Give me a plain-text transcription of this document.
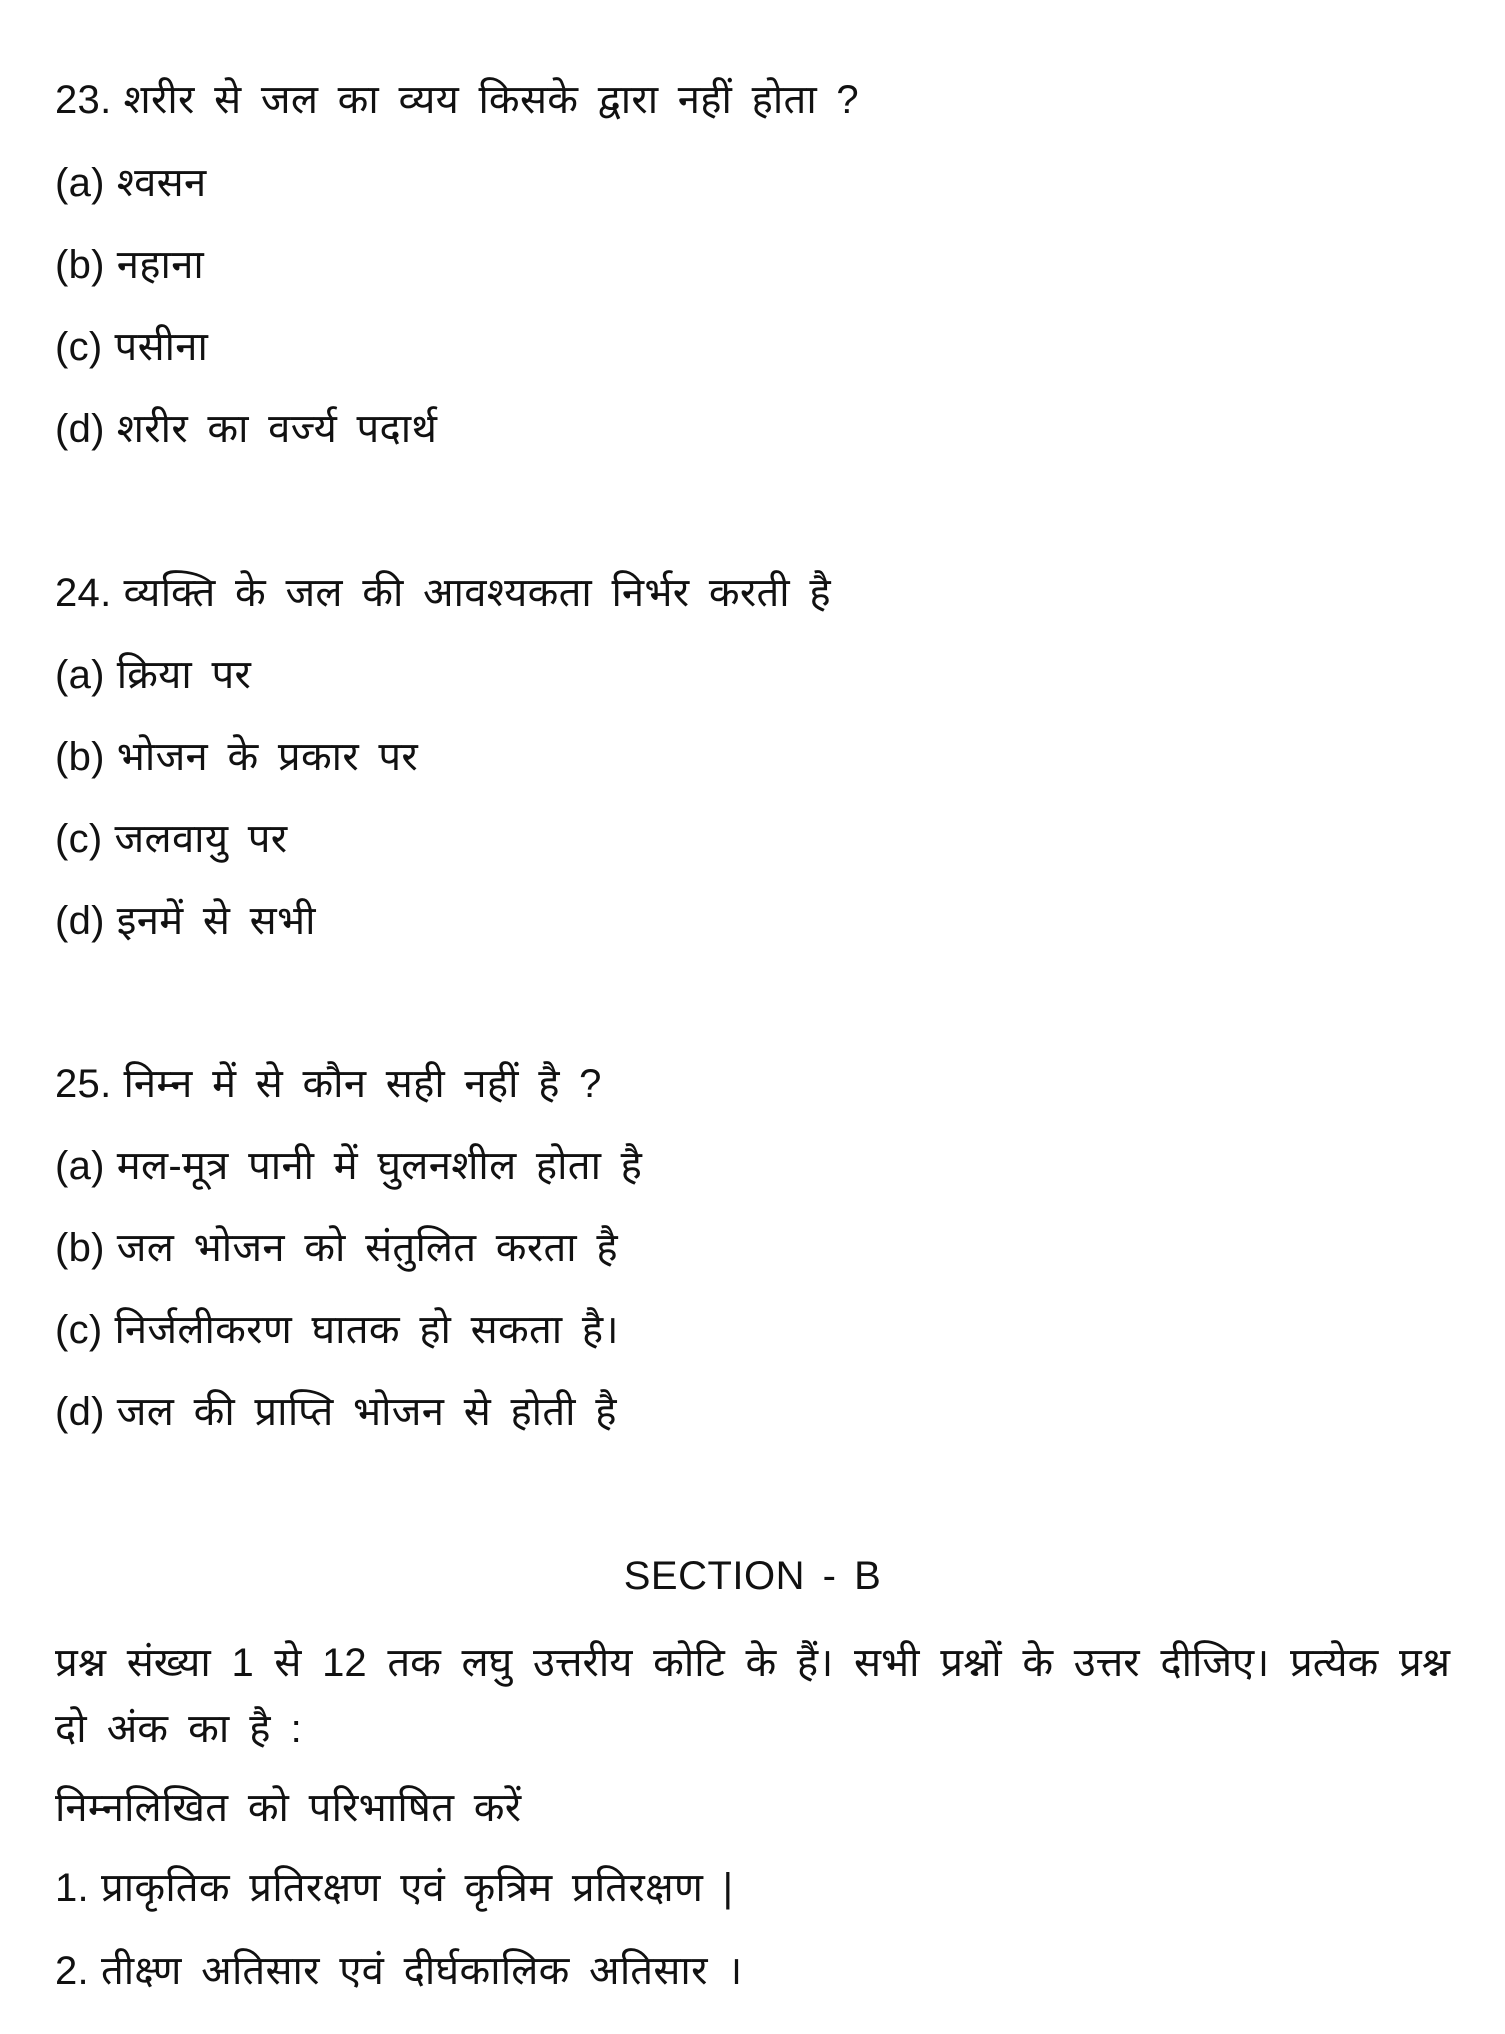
23. शरीर से जल का व्यय किसके द्वारा नहीं होता ?
(a) श्वसन
(b) नहाना
(c) पसीना
(d) शरीर का वर्ज्य पदार्थ
24. व्यक्ति के जल की आवश्यकता निर्भर करती है
(a) क्रिया पर
(b) भोजन के प्रकार पर
(c) जलवायु पर
(d) इनमें से सभी
25. निम्न में से कौन सही नहीं है ?
(a) मल-मूत्र पानी में घुलनशील होता है
(b) जल भोजन को संतुलित करता है
(c) निर्जलीकरण घातक हो सकता है।
(d) जल की प्राप्ति भोजन से होती है
SECTION - B
प्रश्न संख्या 1 से 12 तक लघु उत्तरीय कोटि के हैं। सभी प्रश्नों के उत्तर दीजिए। प्रत्येक प्रश्न दो अंक का है :
निम्नलिखित को परिभाषित करें
1. प्राकृतिक प्रतिरक्षण एवं कृत्रिम प्रतिरक्षण |
2. तीक्ष्ण अतिसार एवं दीर्घकालिक अतिसार ।
